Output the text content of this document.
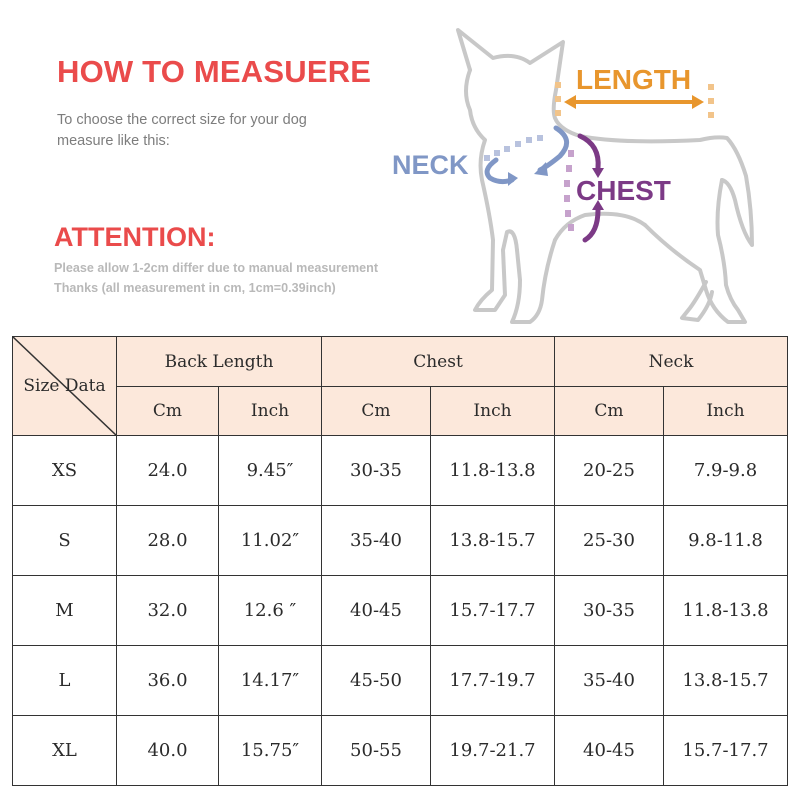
HOW TO MEASUERE
To choose the correct size for your dog
measure like this:
ATTENTION:
Please allow 1-2cm differ due to manual measurement
Thanks (all measurement in cm, 1cm=0.39inch)
LENGTH
NECK
CHEST
Size Data	Back Length		Chest		Neck	
	Cm	Inch	Cm	Inch	Cm	Inch
XS	24.0	9.45″	30-35	11.8-13.8	20-25	7.9-9.8
S	28.0	11.02″	35-40	13.8-15.7	25-30	9.8-11.8
M	32.0	12.6 ″	40-45	15.7-17.7	30-35	11.8-13.8
L	36.0	14.17″	45-50	17.7-19.7	35-40	13.8-15.7
XL	40.0	15.75″	50-55	19.7-21.7	40-45	15.7-17.7
